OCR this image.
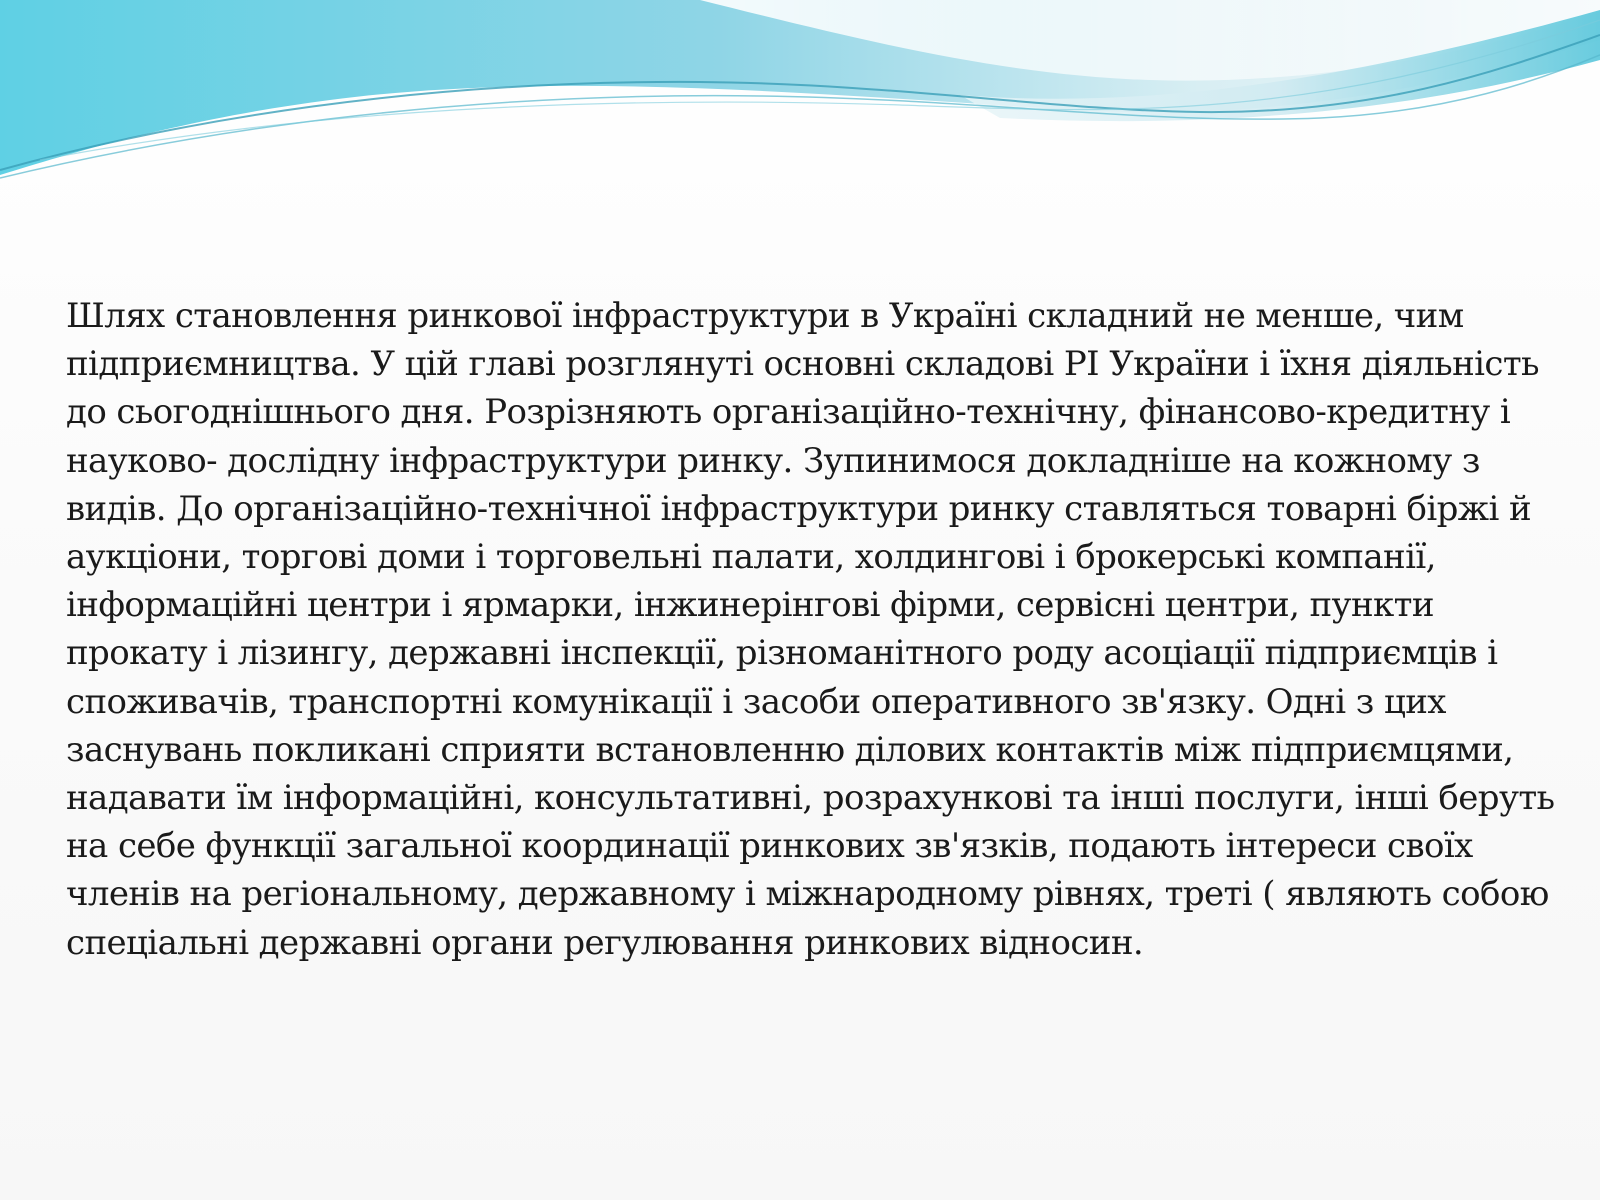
Шлях становлення ринкової інфраструктури в Україні складний не менше, чим підприємництва. У цій главі розглянуті основні складові РІ України і їхня діяльність до сьогоднішнього дня. Розрізняють організаційно-технічну, фінансово-кредитну і науково- дослідну інфраструктури ринку. Зупинимося докладніше на кожному з видів. До організаційно-технічної інфраструктури ринку ставляться товарні біржі й аукціони, торгові доми і торговельні палати, холдингові і брокерські компанії, інформаційні центри і ярмарки, інжинерінгові фірми, сервісні центри, пункти прокату і лізингу, державні інспекції, різноманітного роду асоціації підприємців і споживачів, транспортні комунікації і засоби оперативного зв'язку. Одні з цих заснувань покликані сприяти встановленню ділових контактів між підприємцями, надавати їм інформаційні, консультативні, розрахункові та інші послуги, інші беруть на себе функції загальної координації ринкових зв'язків, подають інтереси своїх членів на регіональному, державному і міжнародному рівнях, треті ( являють собою спеціальні державні органи регулювання ринкових відносин.
